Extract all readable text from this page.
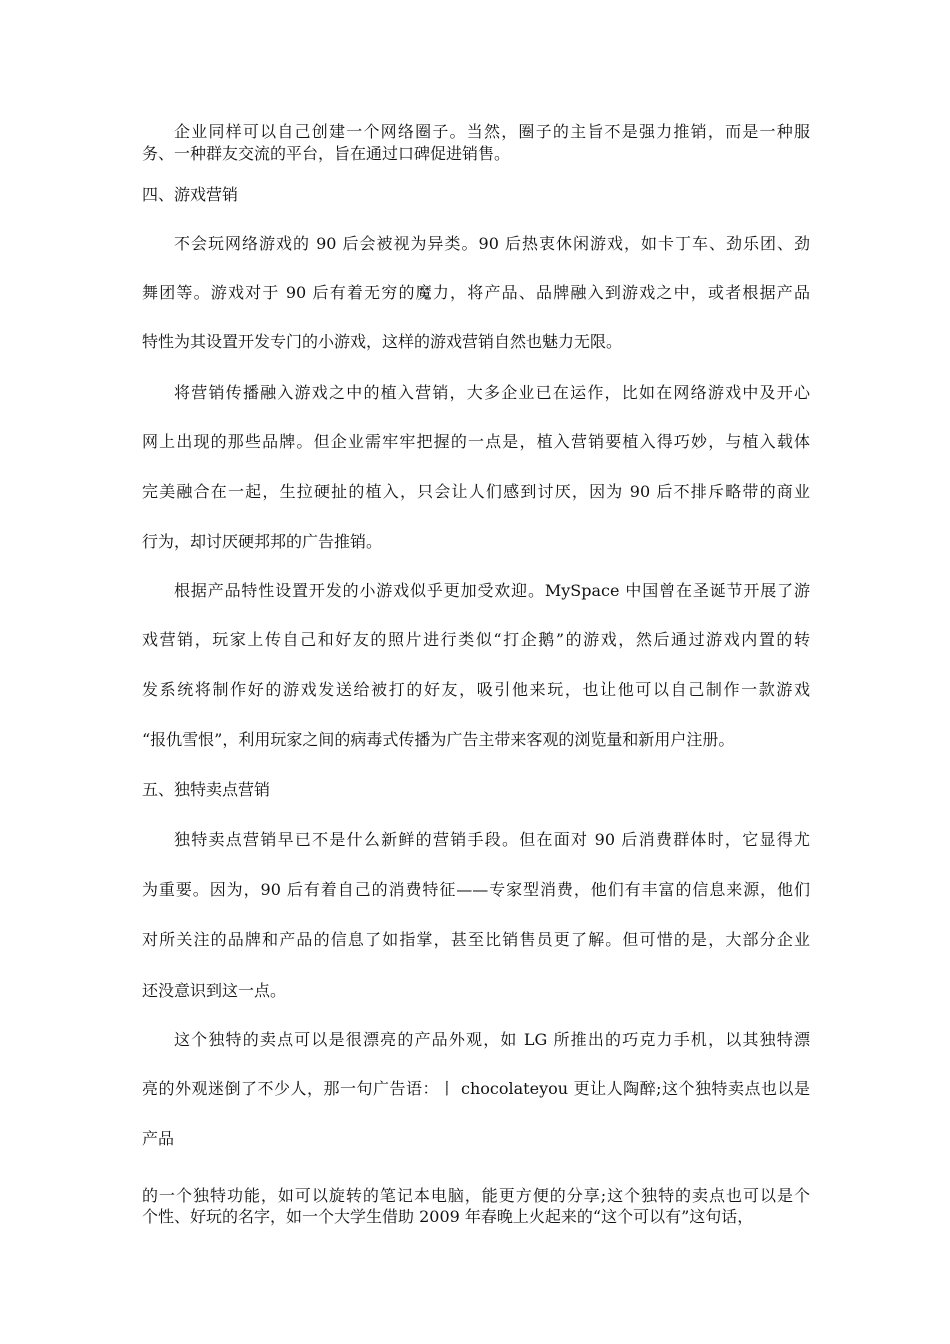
企业同样可以自己创建一个网络圈子。当然，圈子的主旨不是强力推销，而是一种服
务、一种群友交流的平台，旨在通过口碑促进销售。
四、游戏营销
不会玩网络游戏的 90 后会被视为异类。90 后热衷休闲游戏，如卡丁车、劲乐团、劲
舞团等。游戏对于 90 后有着无穷的魔力，将产品、品牌融入到游戏之中，或者根据产品
特性为其设置开发专门的小游戏，这样的游戏营销自然也魅力无限。
将营销传播融入游戏之中的植入营销，大多企业已在运作，比如在网络游戏中及开心
网上出现的那些品牌。但企业需牢牢把握的一点是，植入营销要植入得巧妙，与植入载体
完美融合在一起，生拉硬扯的植入，只会让人们感到讨厌，因为 90 后不排斥略带的商业
行为，却讨厌硬邦邦的广告推销。
根据产品特性设置开发的小游戏似乎更加受欢迎。MySpace 中国曾在圣诞节开展了游
戏营销，玩家上传自己和好友的照片进行类似“打企鹅”的游戏，然后通过游戏内置的转
发系统将制作好的游戏发送给被打的好友，吸引他来玩，也让他可以自己制作一款游戏
“报仇雪恨”，利用玩家之间的病毒式传播为广告主带来客观的浏览量和新用户注册。
五、独特卖点营销
独特卖点营销早已不是什么新鲜的营销手段。但在面对 90 后消费群体时，它显得尤
为重要。因为，90 后有着自己的消费特征——专家型消费，他们有丰富的信息来源，他们
对所关注的品牌和产品的信息了如指掌，甚至比销售员更了解。但可惜的是，大部分企业
还没意识到这一点。
这个独特的卖点可以是很漂亮的产品外观，如 LG 所推出的巧克力手机，以其独特漂
亮的外观迷倒了不少人，那一句广告语：丨 chocolateyou 更让人陶醉;这个独特卖点也以是
产品
的一个独特功能，如可以旋转的笔记本电脑，能更方便的分享;这个独特的卖点也可以是个
个性、好玩的名字，如一个大学生借助 2009 年春晚上火起来的“这个可以有”这句话，
